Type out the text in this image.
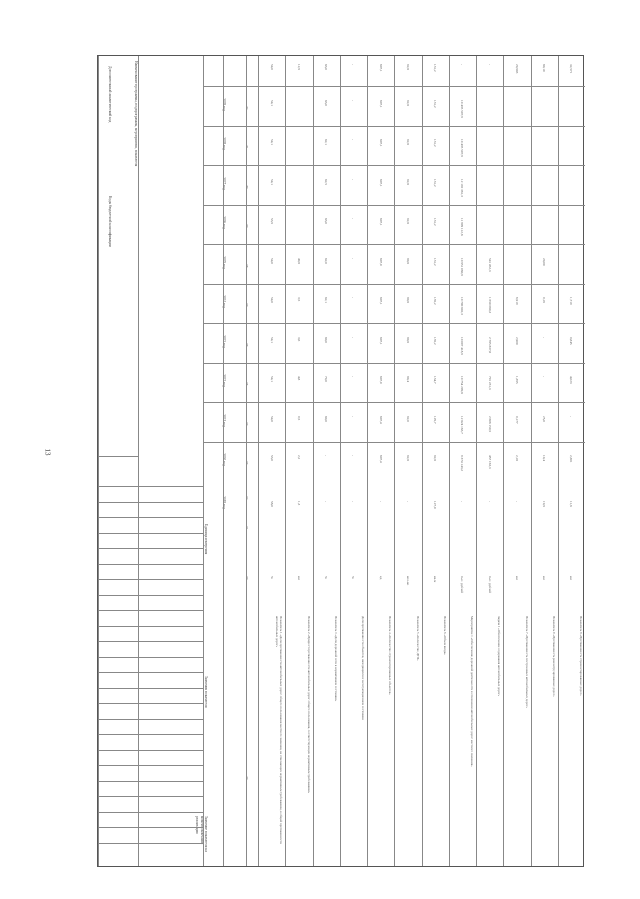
13
Коды бюджетной классификации
Дополнительный аналитический код	Наименование программы, подпрограммы, мероприятия, показателя
Единица измерения
Значения показателя
Значение показателя на момент окончания реализации
2020 год
2021 год
2022 год
2023 год
2024 год
2025 год
2026 год
2027 год
2028 год
2029 год
2019 год
29
30
31
32
33
34
35
36
37
38
39
40
41
42
Показатель 1 «Доля протяженности автомобильных дорог общего пользования местного значения, не отвечающих нормативным требованиям, в общей протяженности автомобильных дорог»
%
58,0
53,0
54,0
54,1
54,1
54,0
54,0
53,9
54,1
54,1
54,1
54,0
Показатель 2 «Прирост протяженности автомобильных дорог общего пользования, соответствующих нормативным требованиям»
км
1,3
2,2
0,5
4,8
3,6
3,5
49,8
12,9
Показатель 3 «Доля дорожной сети в нормативном состоянии»
%
-
-
80,0
79,0
80,0
82,1
82,0
83,0
82,5
82,1
83,0
83,0
Доля протяженности объектов, находящихся в эксплуатационном состоянии
%
-
-
-
-
-
-
-
-
-
-
-
-
Показатель 4 «Количество отремонтированных объектов»
ед.
-
607,4
607,4
607,0
607,1
607,1
607,0
607,1
607,1
607,1
607,1
607,1
Показатель 5 «Количество ДТП»
кол-во
-
92,8
92,0
90,4
90,8
90,8
90,8
92,8
92,8
92,8
92,8
92,8
Показатель 6 «Объем ввода»
кв.м
127,0
92,8
129,7
134,7
135,2
135,2
131,2
131,2
131,2
131,2
131,2
131,2
Мероприятие 1 «Обеспечение дорожной деятельности в отношении автомобильных дорог местного значения»
тыс. рублей
-
9 374 143,2
12 824 163,7
10 754 209,8
10 007 418,9
10 700 802,3
10 951 060,9
11 999 112,8
12 192 361,3
10 435 507,9
10 435 507,9
-
Задача 1 «Обеспечение содержания автомобильных дорог»
тыс. рублей
-
457 163,3
2 608 150,5
791 231,3
2 785 837,8
1 650 080,3
541 452,3
-
Показатель 7 «Протяженность построенных автомобильных дорог»
км
-
2,18
0,177
1,395
2,900
6,919
29,903
Показатель 8 «Протяженность реконструированных дорог»
км
19,9
10,4
25,0
-
-
0,16
20,00
80,10
Показатель 9 «Протяженность отремонтированных дорог»
км
11,6
2,301
-
4,023
0,845
1,719
32,571
